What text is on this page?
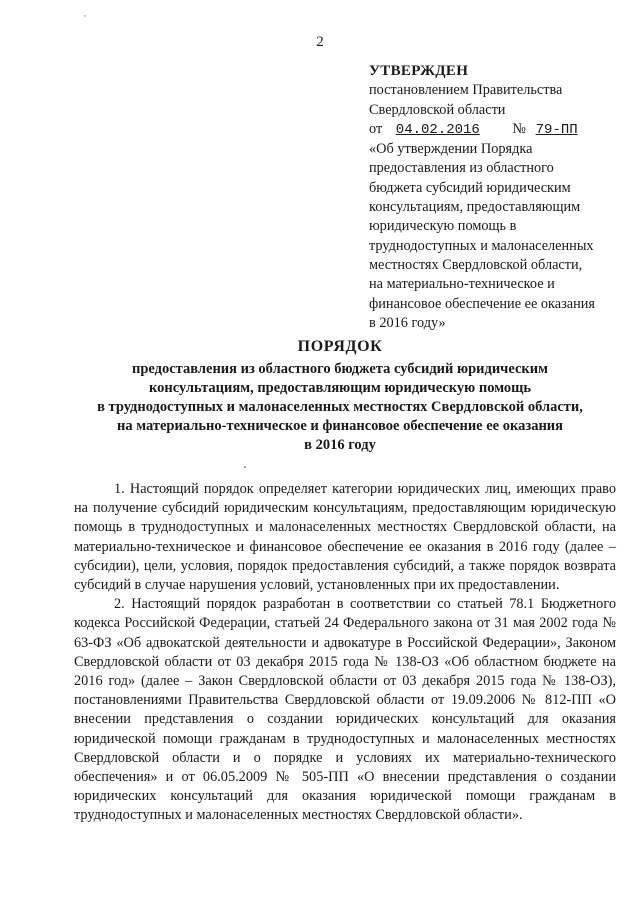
'
2
УТВЕРЖДЕН
постановлением Правительства
Свердловской области
от 04.02.2016 № 79-ПП
«Об утверждении Порядка
предоставления из областного
бюджета субсидий юридическим
консультациям, предоставляющим
юридическую помощь в
труднодоступных и малонаселенных
местностях Свердловской области,
на материально-техническое и
финансовое обеспечение ее оказания
в 2016 году»
ПОРЯДОК
предоставления из областного бюджета субсидий юридическим
консультациям, предоставляющим юридическую помощь
в труднодоступных и малонаселенных местностях Свердловской области,
на материально-техническое и финансовое обеспечение ее оказания
в 2016 году

1. Настоящий порядок определяет категории юридических лиц, имеющих право на получение субсидий юридическим консультациям, предоставляющим юридическую помощь в труднодоступных и малонаселенных местностях Свердловской области, на материально-техническое и финансовое обеспечение ее оказания в 2016 году (далее – субсидии), цели, условия, порядок предоставления субсидий, а также порядок возврата субсидий в случае нарушения условий, установленных при их предоставлении.

2. Настоящий порядок разработан в соответствии со статьей 78.1 Бюджетного кодекса Российской Федерации, статьей 24 Федерального закона от 31 мая 2002 года № 63-ФЗ «Об адвокатской деятельности и адвокатуре в Российской Федерации», Законом Свердловской области от 03 декабря 2015 года № 138-ОЗ «Об областном бюджете на 2016 год» (далее – Закон Свердловской области от 03 декабря 2015 года № 138-ОЗ), постановлениями Правительства Свердловской области от 19.09.2006 № 812-ПП «О внесении представления о создании юридических консультаций для оказания юридической помощи гражданам в труднодоступных и малонаселенных местностях Свердловской области и о порядке и условиях их материально-технического обеспечения» и от 06.05.2009 № 505-ПП «О внесении представления о создании юридических консультаций для оказания юридической помощи гражданам в труднодоступных и малонаселенных местностях Свердловской области».
